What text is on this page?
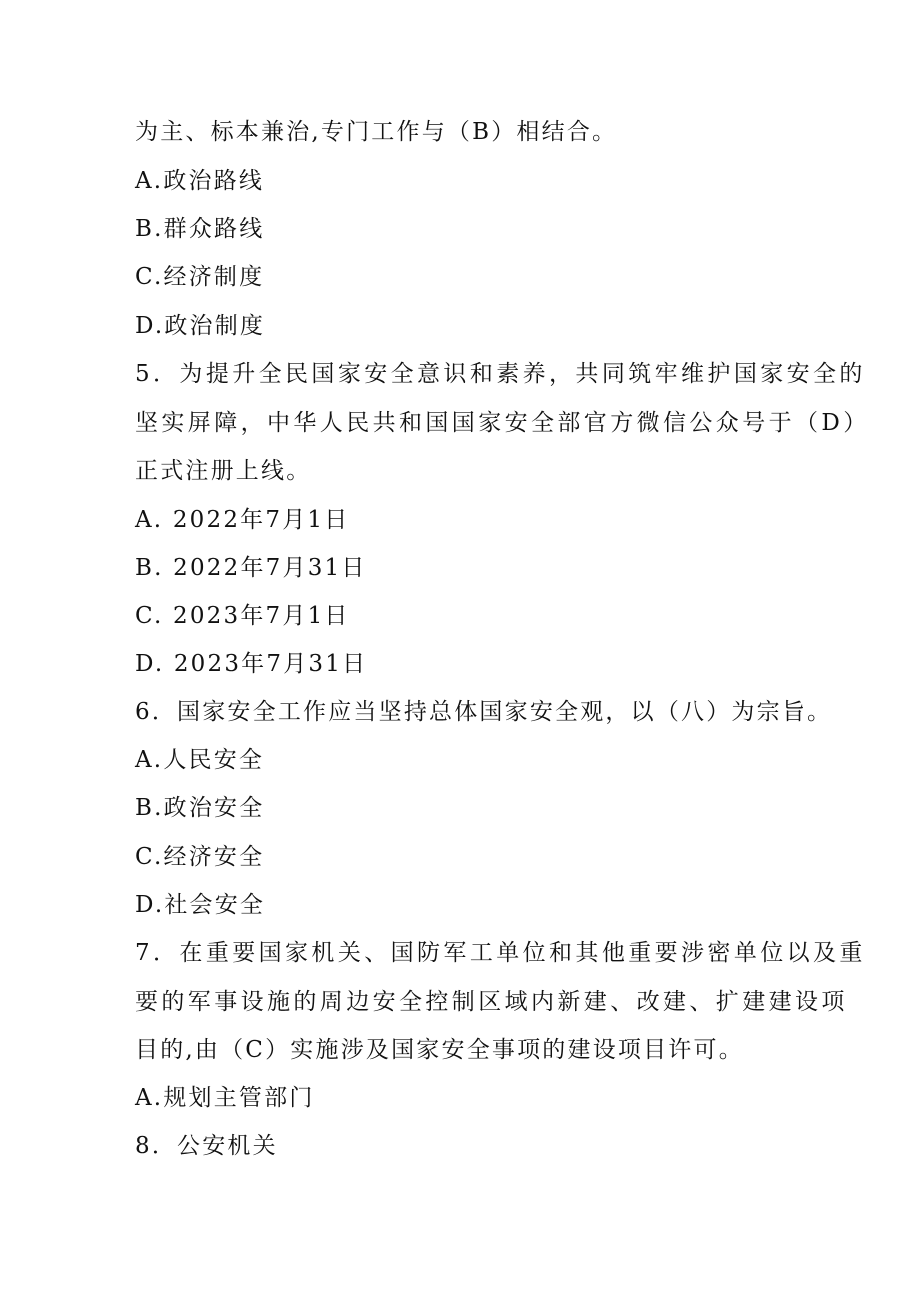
为主、标本兼治,专门工作与（B）相结合。
A.政治路线
B.群众路线
C.经济制度
D.政治制度
5．为提升全民国家安全意识和素养，共同筑牢维护国家安全的
坚实屏障，中华人民共和国国家安全部官方微信公众号于（D）
正式注册上线。
A. 2022年7月1日
B. 2022年7月31日
C. 2023年7月1日
D. 2023年7月31日
6．国家安全工作应当坚持总体国家安全观，以（八）为宗旨。
A.人民安全
B.政治安全
C.经济安全
D.社会安全
7．在重要国家机关、国防军工单位和其他重要涉密单位以及重
要的军事设施的周边安全控制区域内新建、改建、扩建建设项
目的,由（C）实施涉及国家安全事项的建设项目许可。
A.规划主管部门
8．公安机关
